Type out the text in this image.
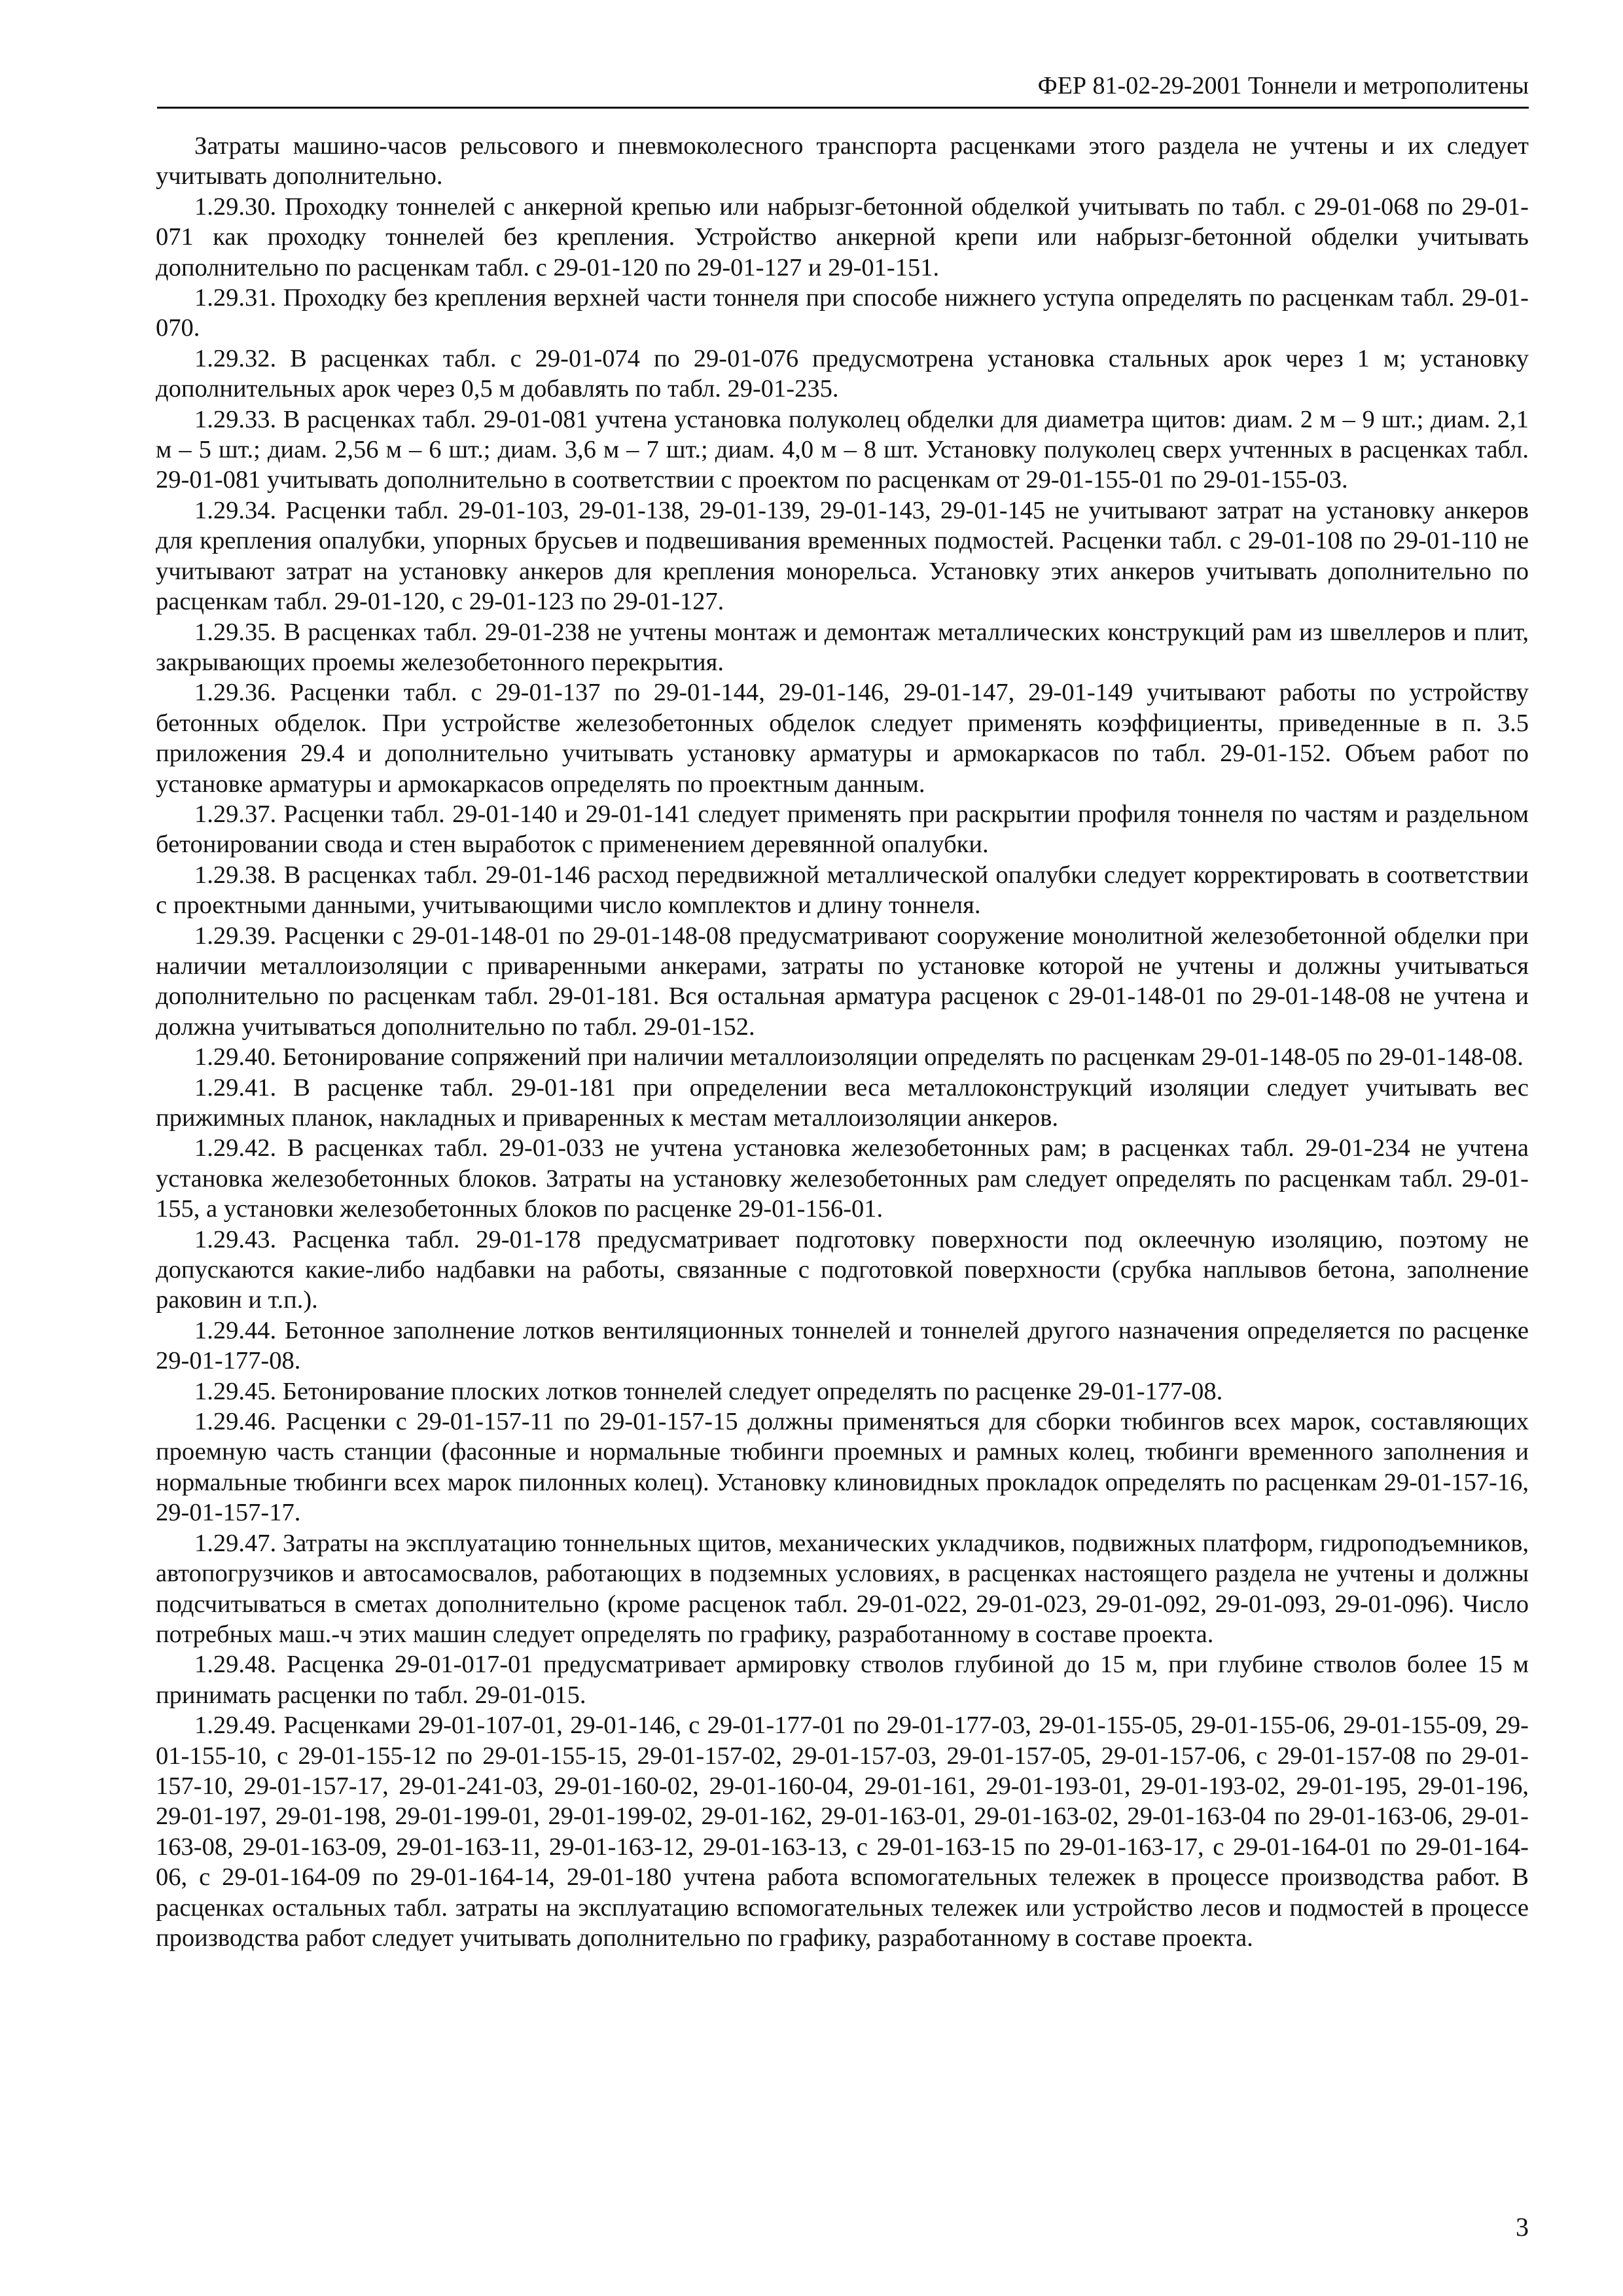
ФЕР 81-02-29-2001 Тоннели и метрополитены

Затраты машино-часов рельсового и пневмоколесного транспорта расценками этого раздела не учтены и их следует учитывать дополнительно.

1.29.30. Проходку тоннелей с анкерной крепью или набрызг-бетонной обделкой учитывать по табл. с 29-01-068 по 29-01-071 как проходку тоннелей без крепления. Устройство анкерной крепи или набрызг-бетонной обделки учитывать дополнительно по расценкам табл. с 29-01-120 по 29-01-127 и 29-01-151.

1.29.31. Проходку без крепления верхней части тоннеля при способе нижнего уступа определять по расценкам табл. 29-01-070.

1.29.32. В расценках табл. с 29-01-074 по 29-01-076 предусмотрена установка стальных арок через 1 м; установку дополнительных арок через 0,5 м добавлять по табл. 29-01-235.

1.29.33. В расценках табл. 29-01-081 учтена установка полуколец обделки для диаметра щитов: диам. 2 м – 9 шт.; диам. 2,1 м – 5 шт.; диам. 2,56 м – 6 шт.; диам. 3,6 м – 7 шт.; диам. 4,0 м – 8 шт. Установку полуколец сверх учтенных в расценках табл. 29-01-081 учитывать дополнительно в соответствии с проектом по расценкам от 29-01-155-01 по 29-01-155-03.

1.29.34. Расценки табл. 29-01-103, 29-01-138, 29-01-139, 29-01-143, 29-01-145 не учитывают затрат на установку анкеров для крепления опалубки, упорных брусьев и подвешивания временных подмостей. Расценки табл. с 29-01-108 по 29-01-110 не учитывают затрат на установку анкеров для крепления монорельса. Установку этих анкеров учитывать дополнительно по расценкам табл. 29-01-120, с 29-01-123 по 29-01-127.

1.29.35. В расценках табл. 29-01-238 не учтены монтаж и демонтаж металлических конструкций рам из швеллеров и плит, закрывающих проемы железобетонного перекрытия.

1.29.36. Расценки табл. с 29-01-137 по 29-01-144, 29-01-146, 29-01-147, 29-01-149 учитывают работы по устройству бетонных обделок. При устройстве железобетонных обделок следует применять коэффициенты, приведенные в п. 3.5 приложения 29.4 и дополнительно учитывать установку арматуры и армокаркасов по табл. 29-01-152. Объем работ по установке арматуры и армокаркасов определять по проектным данным.

1.29.37. Расценки табл. 29-01-140 и 29-01-141 следует применять при раскрытии профиля тоннеля по частям и раздельном бетонировании свода и стен выработок с применением деревянной опалубки.

1.29.38. В расценках табл. 29-01-146 расход передвижной металлической опалубки следует корректировать в соответствии с проектными данными, учитывающими число комплектов и длину тоннеля.

1.29.39. Расценки с 29-01-148-01 по 29-01-148-08 предусматривают сооружение монолитной железобетонной обделки при наличии металлоизоляции с приваренными анкерами, затраты по установке которой не учтены и должны учитываться дополнительно по расценкам табл. 29-01-181. Вся остальная арматура расценок с 29-01-148-01 по 29-01-148-08 не учтена и должна учитываться дополнительно по табл. 29-01-152.

1.29.40. Бетонирование сопряжений при наличии металлоизоляции определять по расценкам 29-01-148-05 по 29-01-148-08.

1.29.41. В расценке табл. 29-01-181 при определении веса металлоконструкций изоляции следует учитывать вес прижимных планок, накладных и приваренных к местам металлоизоляции анкеров.

1.29.42. В расценках табл. 29-01-033 не учтена установка железобетонных рам; в расценках табл. 29-01-234 не учтена установка железобетонных блоков. Затраты на установку железобетонных рам следует определять по расценкам табл. 29-01-155, а установки железобетонных блоков по расценке 29-01-156-01.

1.29.43. Расценка табл. 29-01-178 предусматривает подготовку поверхности под оклеечную изоляцию, поэтому не допускаются какие-либо надбавки на работы, связанные с подготовкой поверхности (срубка наплывов бетона, заполнение раковин и т.п.).

1.29.44. Бетонное заполнение лотков вентиляционных тоннелей и тоннелей другого назначения определяется по расценке 29-01-177-08.

1.29.45. Бетонирование плоских лотков тоннелей следует определять по расценке 29-01-177-08.

1.29.46. Расценки с 29-01-157-11 по 29-01-157-15 должны применяться для сборки тюбингов всех марок, составляющих проемную часть станции (фасонные и нормальные тюбинги проемных и рамных колец, тюбинги временного заполнения и нормальные тюбинги всех марок пилонных колец). Установку клиновидных прокладок определять по расценкам 29-01-157-16, 29-01-157-17.

1.29.47. Затраты на эксплуатацию тоннельных щитов, механических укладчиков, подвижных платформ, гидроподъемников, автопогрузчиков и автосамосвалов, работающих в подземных условиях, в расценках настоящего раздела не учтены и должны подсчитываться в сметах дополнительно (кроме расценок табл. 29-01-022, 29-01-023, 29-01-092, 29-01-093, 29-01-096). Число потребных маш.-ч этих машин следует определять по графику, разработанному в составе проекта.

1.29.48. Расценка 29-01-017-01 предусматривает армировку стволов глубиной до 15 м, при глубине стволов более 15 м принимать расценки по табл. 29-01-015.

1.29.49. Расценками 29-01-107-01, 29-01-146, с 29-01-177-01 по 29-01-177-03, 29-01-155-05, 29-01-155-06, 29-01-155-09, 29-01-155-10, с 29-01-155-12 по 29-01-155-15, 29-01-157-02, 29-01-157-03, 29-01-157-05, 29-01-157-06, с 29-01-157-08 по 29-01-157-10, 29-01-157-17, 29-01-241-03, 29-01-160-02, 29-01-160-04, 29-01-161, 29-01-193-01, 29-01-193-02, 29-01-195, 29-01-196, 29-01-197, 29-01-198, 29-01-199-01, 29-01-199-02, 29-01-162, 29-01-163-01, 29-01-163-02, 29-01-163-04 по 29-01-163-06, 29-01-163-08, 29-01-163-09, 29-01-163-11, 29-01-163-12, 29-01-163-13, с 29-01-163-15 по 29-01-163-17, с 29-01-164-01 по 29-01-164-06, с 29-01-164-09 по 29-01-164-14, 29-01-180 учтена работа вспомогательных тележек в процессе производства работ. В расценках остальных табл. затраты на эксплуатацию вспомогательных тележек или устройство лесов и подмостей в процессе производства работ следует учитывать дополнительно по графику, разработанному в составе проекта.

3
